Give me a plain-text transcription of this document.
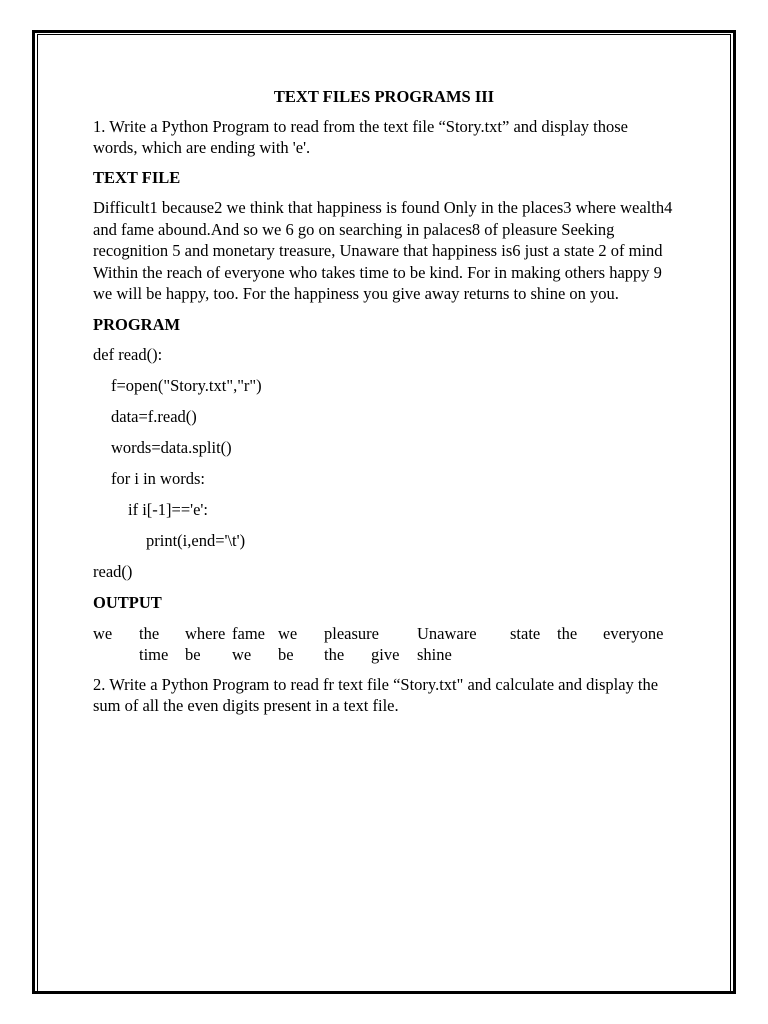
TEXT FILES PROGRAMS III
1. Write a Python Program to read from the text file “Story.txt” and display those words, which are ending with 'e'.
TEXT FILE
Difficult1 because2 we think that happiness is found Only in the places3 where wealth4 and fame abound.And so we 6 go on searching in palaces8 of pleasure Seeking recognition 5 and monetary treasure, Unaware that happiness is6 just a state 2 of mind Within the reach of everyone who takes time to be kind. For in making others happy 9 we will be happy, too. For the happiness you give away returns to shine on you.
PROGRAM
def read():
f=open("Story.txt","r")
data=f.read()
words=data.split()
for i in words:
if i[-1]=='e':
print(i,end='\t')
read()
OUTPUT
we the where fame we pleasure Unaware state the everyone
time be we be the give shine
2. Write a Python Program to read fr text file “Story.txt" and calculate and display the sum of all the even digits present in a text file.
